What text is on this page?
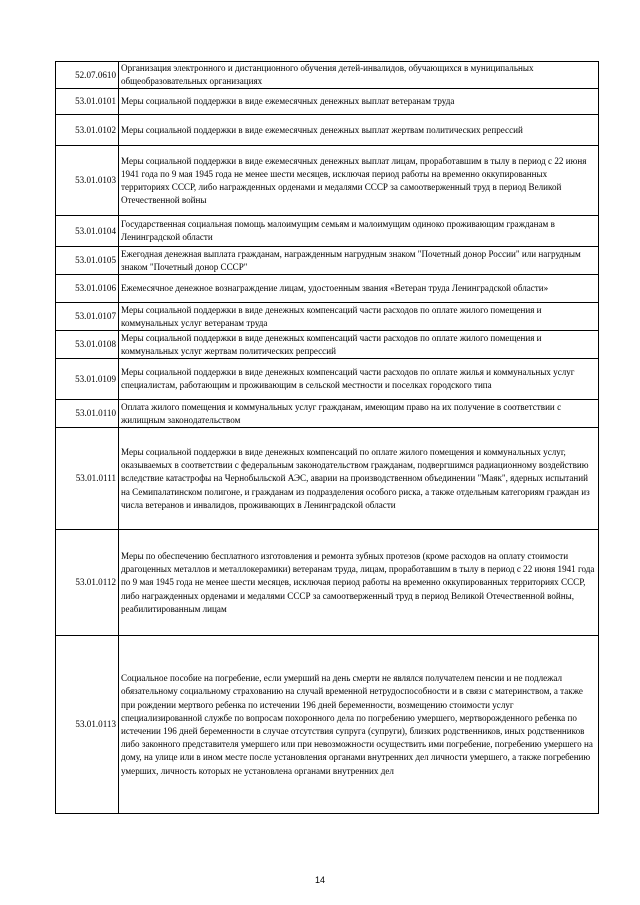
52.07.0610	Организация электронного и дистанционного обучения детей-инвалидов, обучающихся в муниципальных общеобразовательных организациях
53.01.0101	Меры социальной поддержки в виде ежемесячных денежных выплат ветеранам труда
53.01.0102	Меры социальной поддержки в виде ежемесячных денежных выплат жертвам политических репрессий
53.01.0103	Меры социальной поддержки в виде ежемесячных денежных выплат лицам, проработавшим в тылу в период с 22 июня 1941 года по 9 мая 1945 года не менее шести месяцев, исключая период работы на временно оккупированных территориях СССР, либо награжденных орденами и медалями СССР за самоотверженный труд в период Великой Отечественной войны
53.01.0104	Государственная социальная помощь малоимущим семьям и малоимущим одиноко проживающим гражданам в Ленинградской области
53.01.0105	Ежегодная денежная выплата гражданам, награжденным нагрудным знаком "Почетный донор России" или нагрудным знаком "Почетный донор СССР"
53.01.0106	Ежемесячное денежное вознаграждение лицам, удостоенным звания «Ветеран труда Ленинградской области»
53.01.0107	Меры социальной поддержки в виде денежных компенсаций части расходов по оплате жилого помещения и коммунальных услуг ветеранам труда
53.01.0108	Меры социальной поддержки в виде денежных компенсаций части расходов по оплате жилого помещения и коммунальных услуг жертвам политических репрессий
53.01.0109	Меры социальной поддержки в виде денежных компенсаций части расходов по оплате жилья и коммунальных услуг специалистам, работающим и проживающим в сельской местности и поселках городского типа
53.01.0110	Оплата жилого помещения и коммунальных услуг гражданам, имеющим право на их получение в соответствии с жилищным законодательством
53.01.0111	Меры социальной поддержки в виде денежных компенсаций по оплате жилого помещения и коммунальных услуг, оказываемых в соответствии с федеральным законодательством гражданам, подвергшимся радиационному воздействию вследствие катастрофы на Чернобыльской АЭС, аварии на производственном объединении "Маяк", ядерных испытаний на Семипалатинском полигоне, и гражданам из подразделения особого риска, а также отдельным категориям граждан из числа ветеранов и инвалидов, проживающих в Ленинградской области
53.01.0112	Меры по обеспечению бесплатного изготовления и ремонта зубных протезов (кроме расходов на оплату стоимости драгоценных металлов и металлокерамики) ветеранам труда, лицам, проработавшим в тылу в период с 22 июня 1941 года по 9 мая 1945 года не менее шести месяцев, исключая период работы на временно оккупированных территориях СССР, либо награжденных орденами и медалями СССР за самоотверженный труд в период Великой Отечественной войны, реабилитированным лицам
53.01.0113	Социальное пособие на погребение, если умерший на день смерти не являлся получателем пенсии и не подлежал обязательному социальному страхованию на случай временной нетрудоспособности и в связи с материнством, а также при рождении мертвого ребенка по истечении 196 дней беременности, возмещению стоимости услуг специализированной службе по вопросам похоронного дела по погребению умершего, мертворожденного ребенка по истечении 196 дней беременности в случае отсутствия супруга (супруги), близких родственников, иных родственников либо законного представителя умершего или при невозможности осуществить ими погребение, погребению умершего на дому, на улице или в ином месте после установления органами внутренних дел личности умершего, а также погребению умерших, личность которых не установлена органами внутренних дел
14
